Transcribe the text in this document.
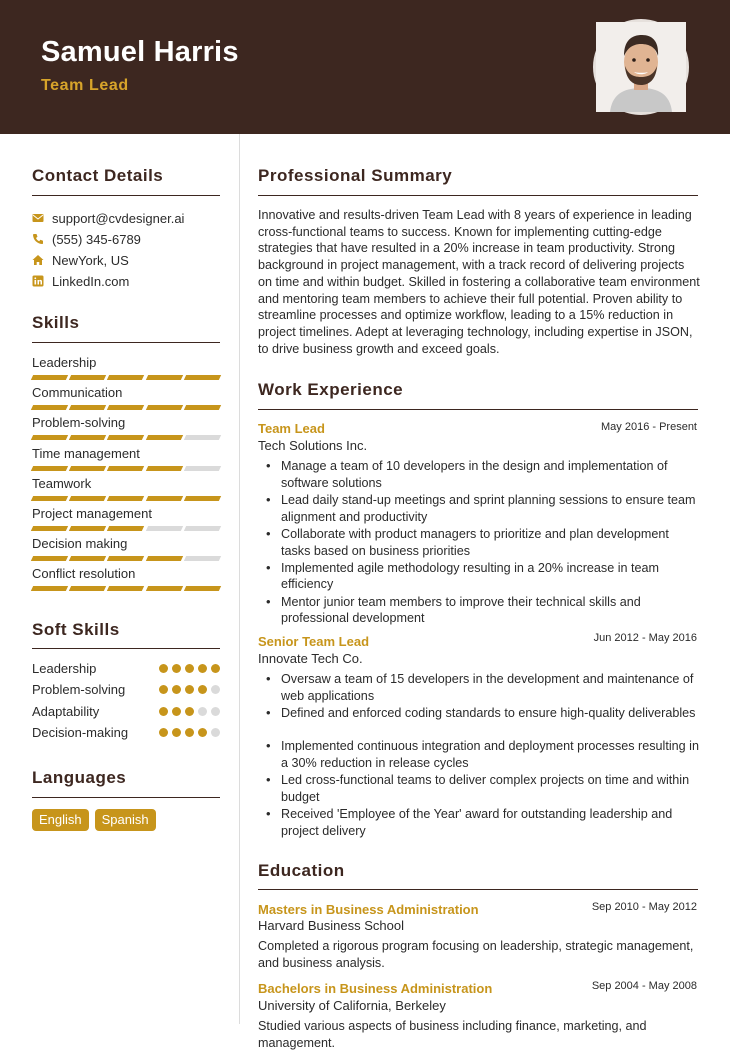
Samuel Harris
Team Lead
Contact Details
support@cvdesigner.ai
(555) 345-6789
NewYork, US
LinkedIn.com
Skills
Leadership
Communication
Problem-solving
Time management
Teamwork
Project management
Decision making
Conflict resolution
Soft Skills
Leadership
Problem-solving
Adaptability
Decision-making
Languages
English	Spanish
Professional Summary

Innovative and results-driven Team Lead with 8 years of experience in leading cross-functional teams to success. Known for implementing cutting-edge strategies that have resulted in a 20% increase in team productivity. Strong background in project management, with a track record of delivering projects on time and within budget. Skilled in fostering a collaborative team environment and mentoring team members to achieve their full potential. Proven ability to streamline processes and optimize workflow, leading to a 15% reduction in project timelines. Adept at leveraging technology, including expertise in JSON, to drive business growth and exceed goals.

Work Experience
Team Lead	May 2016 - Present
Tech Solutions Inc.
• Manage a team of 10 developers in the design and implementation of software solutions
• Lead daily stand-up meetings and sprint planning sessions to ensure team alignment and productivity
• Collaborate with product managers to prioritize and plan development tasks based on business priorities
• Implemented agile methodology resulting in a 20% increase in team efficiency
• Mentor junior team members to improve their technical skills and professional development
Senior Team Lead	Jun 2012 - May 2016
Innovate Tech Co.
• Oversaw a team of 15 developers in the development and maintenance of web applications
• Defined and enforced coding standards to ensure high-quality deliverables
• Implemented continuous integration and deployment processes resulting in a 30% reduction in release cycles
• Led cross-functional teams to deliver complex projects on time and within budget
• Received 'Employee of the Year' award for outstanding leadership and project delivery
Education
Masters in Business Administration	Sep 2010 - May 2012
Harvard Business School

Completed a rigorous program focusing on leadership, strategic management, and business analysis.

Bachelors in Business Administration	Sep 2004 - May 2008
University of California, Berkeley

Studied various aspects of business including finance, marketing, and management.
